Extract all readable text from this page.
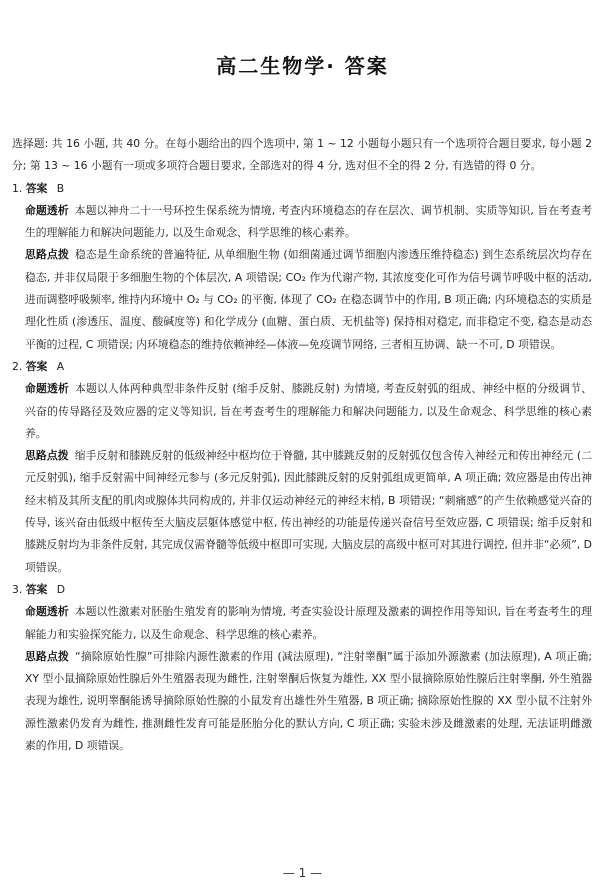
高二生物学· 答案

选择题: 共 16 小题, 共 40 分。在每小题给出的四个选项中, 第 1 ~ 12 小题每小题只有一个选项符合题目要求, 每小题 2 分; 第 13 ~ 16 小题有一项或多项符合题目要求, 全部选对的得 4 分, 选对但不全的得 2 分, 有选错的得 0 分。

1. 答案 B

命题透析 本题以神舟二十一号环控生保系统为情境, 考查内环境稳态的存在层次、调节机制、实质等知识, 旨在考查考生的理解能力和解决问题能力, 以及生命观念、科学思维的核心素养。

思路点拨 稳态是生命系统的普遍特征, 从单细胞生物 (如细菌通过调节细胞内渗透压维持稳态) 到生态系统层次均存在稳态, 并非仅局限于多细胞生物的个体层次, A 项错误; CO₂ 作为代谢产物, 其浓度变化可作为信号调节呼吸中枢的活动, 进而调整呼吸频率, 维持内环境中 O₂ 与 CO₂ 的平衡, 体现了 CO₂ 在稳态调节中的作用, B 项正确; 内环境稳态的实质是理化性质 (渗透压、温度、酸碱度等) 和化学成分 (血糖、蛋白质、无机盐等) 保持相对稳定, 而非稳定不变, 稳态是动态平衡的过程, C 项错误; 内环境稳态的维持依赖神经—体液—免疫调节网络, 三者相互协调、缺一不可, D 项错误。

2. 答案 A

命题透析 本题以人体两种典型非条件反射 (缩手反射、膝跳反射) 为情境, 考查反射弧的组成、神经中枢的分级调节、兴奋的传导路径及效应器的定义等知识, 旨在考查考生的理解能力和解决问题能力, 以及生命观念、科学思维的核心素养。

思路点拨 缩手反射和膝跳反射的低级神经中枢均位于脊髓, 其中膝跳反射的反射弧仅包含传入神经元和传出神经元 (二元反射弧), 缩手反射需中间神经元参与 (多元反射弧), 因此膝跳反射的反射弧组成更简单, A 项正确; 效应器是由传出神经末梢及其所支配的肌肉或腺体共同构成的, 并非仅运动神经元的神经末梢, B 项错误; “刺痛感”的产生依赖感觉兴奋的传导, 该兴奋由低级中枢传至大脑皮层躯体感觉中枢, 传出神经的功能是传递兴奋信号至效应器, C 项错误; 缩手反射和膝跳反射均为非条件反射, 其完成仅需脊髓等低级中枢即可实现, 大脑皮层的高级中枢可对其进行调控, 但并非“必须”, D 项错误。

3. 答案 D

命题透析 本题以性激素对胚胎生殖发育的影响为情境, 考查实验设计原理及激素的调控作用等知识, 旨在考查考生的理解能力和实验探究能力, 以及生命观念、科学思维的核心素养。

思路点拨 “摘除原始性腺”可排除内源性激素的作用 (减法原理), “注射睾酮”属于添加外源激素 (加法原理), A 项正确; XY 型小鼠摘除原始性腺后外生殖器表现为雌性, 注射睾酮后恢复为雄性, XX 型小鼠摘除原始性腺后注射睾酮, 外生殖器表现为雄性, 说明睾酮能诱导摘除原始性腺的小鼠发育出雄性外生殖器, B 项正确; 摘除原始性腺的 XX 型小鼠不注射外源性激素仍发育为雌性, 推测雌性发育可能是胚胎分化的默认方向, C 项正确; 实验未涉及雌激素的处理, 无法证明雌激素的作用, D 项错误。

— 1 —
